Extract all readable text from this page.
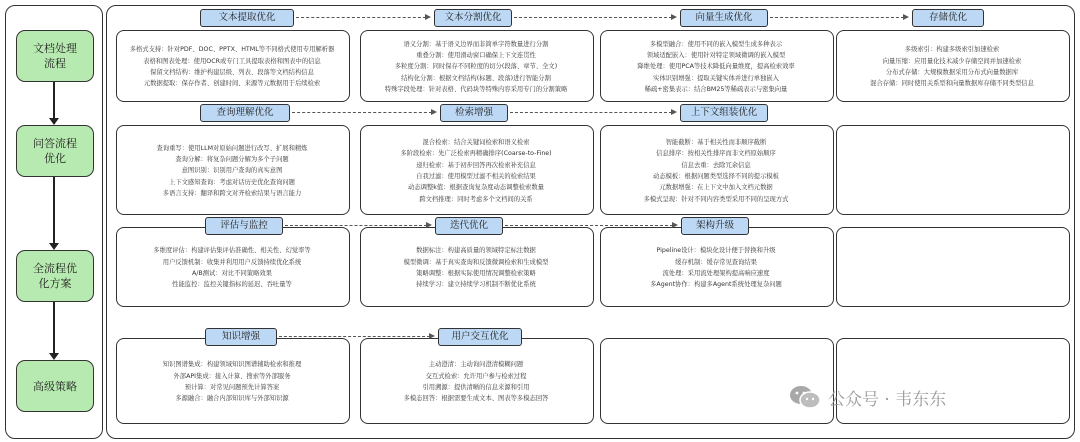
文档处理
流程
问答流程
优化
全流程优
化方案
高级策略
多格式支持：针对PDF、DOC、PPTX、HTML等不同格式使用专用解析器
表格和图表处理：使用OCR或专门工具提取表格和图表中的信息
保留文档结构：维护构建层级、列表、段落等文档结构信息
元数据提取：保存作者、创建时间、来源等元数据用于后续检索
语义分割：基于语义边界而非简单字符数量进行分割
重叠分割：使用滑动窗口确保上下文连贯性
多粒度分割：同时保存不同粒度的切分(段落、章节、全文)
结构化分割：根据文档结构(标题、段落)进行智能分割
特殊字段处理：针对表格、代码块等特殊内容采用专门的分割策略
多模型融合：使用不同的嵌入模型生成多种表示
领域适配嵌入：使用针对特定领域微调的嵌入模型
降维处理：使用PCA等技术降低向量维度，提高检索效率
实体识别增强：提取关键实体并进行单独嵌入
稀疏+密集表示：结合BM25等稀疏表示与密集向量
多级索引：构建多级索引加速检索
向量压缩：应用量化技术减少存储空间并加速检索
分布式存储：大规模数据采用分布式向量数据库
混合存储：同时使用关系型和向量数据库存储不同类型信息
文本提取优化	文本分割优化	向量生成优化	存储优化
查询重写：使用LLM对原始问题进行改写、扩展和精炼
查询分解：将复杂问题分解为多个子问题
意图识别：识别用户查询的真实意图
上下文感知查询：考虑对话历史优化查询问题
多语言支持：翻译和跨文对齐检索结果与语言能力
混合检索：结合关键词检索和语义检索
多阶段检索：先广泛检索再精确排序(Coarse-to-Fine)
递归检索：基于初步回答再次检索补充信息
自我过滤：使用模型过滤不相关的检索结果
动态调整k值：根据查询复杂度动态调整检索数量
跨文档推理：同时考虑多个文档间的关系
智能截断：基于相关性而非顺序截断
信息排序：按相关性排序而非文档原始顺序
信息去重：去除冗余信息
动态模板：根据问题类型选择不同的提示模板
元数据增强：在上下文中加入文档元数据
多模式呈现：针对不同内容类型采用不同的呈现方式
查询理解优化	检索增强	上下文组装优化
多维度评估：构建评估集评估准确性、相关性、幻觉率等
用户反馈机制：收集并利用用户反馈持续优化系统
A/B测试：对比不同策略效果
性能监控：监控关键指标的延迟、吞吐量等
数据标注：构建高质量的领域特定标注数据
模型微调：基于真实查询和反馈微调检索和生成模型
策略调整：根据实际使用情况调整检索策略
持续学习：建立持续学习机制不断优化系统
Pipeline设计：模块化设计便于替换和升级
缓存机制：缓存常见查询结果
流处理：采用流处理架构提高响应速度
多Agent协作：构建多Agent系统处理复杂问题
评估与监控	迭代优化	架构升级
知识图谱集成：构建领域知识图谱辅助检索和推理
外部API集成：接入计算、搜索等外部服务
预计算：对常见问题预先计算答案
多源融合：融合内部知识库与外部知识源
主动澄清：主动询问澄清模糊问题
交互式检索：允许用户参与检索过程
引用溯源：提供清晰的信息来源和引用
多模态回答：根据需要生成文本、图表等多模态回答
知识增强	用户交互优化
公众号 · 韦东东
